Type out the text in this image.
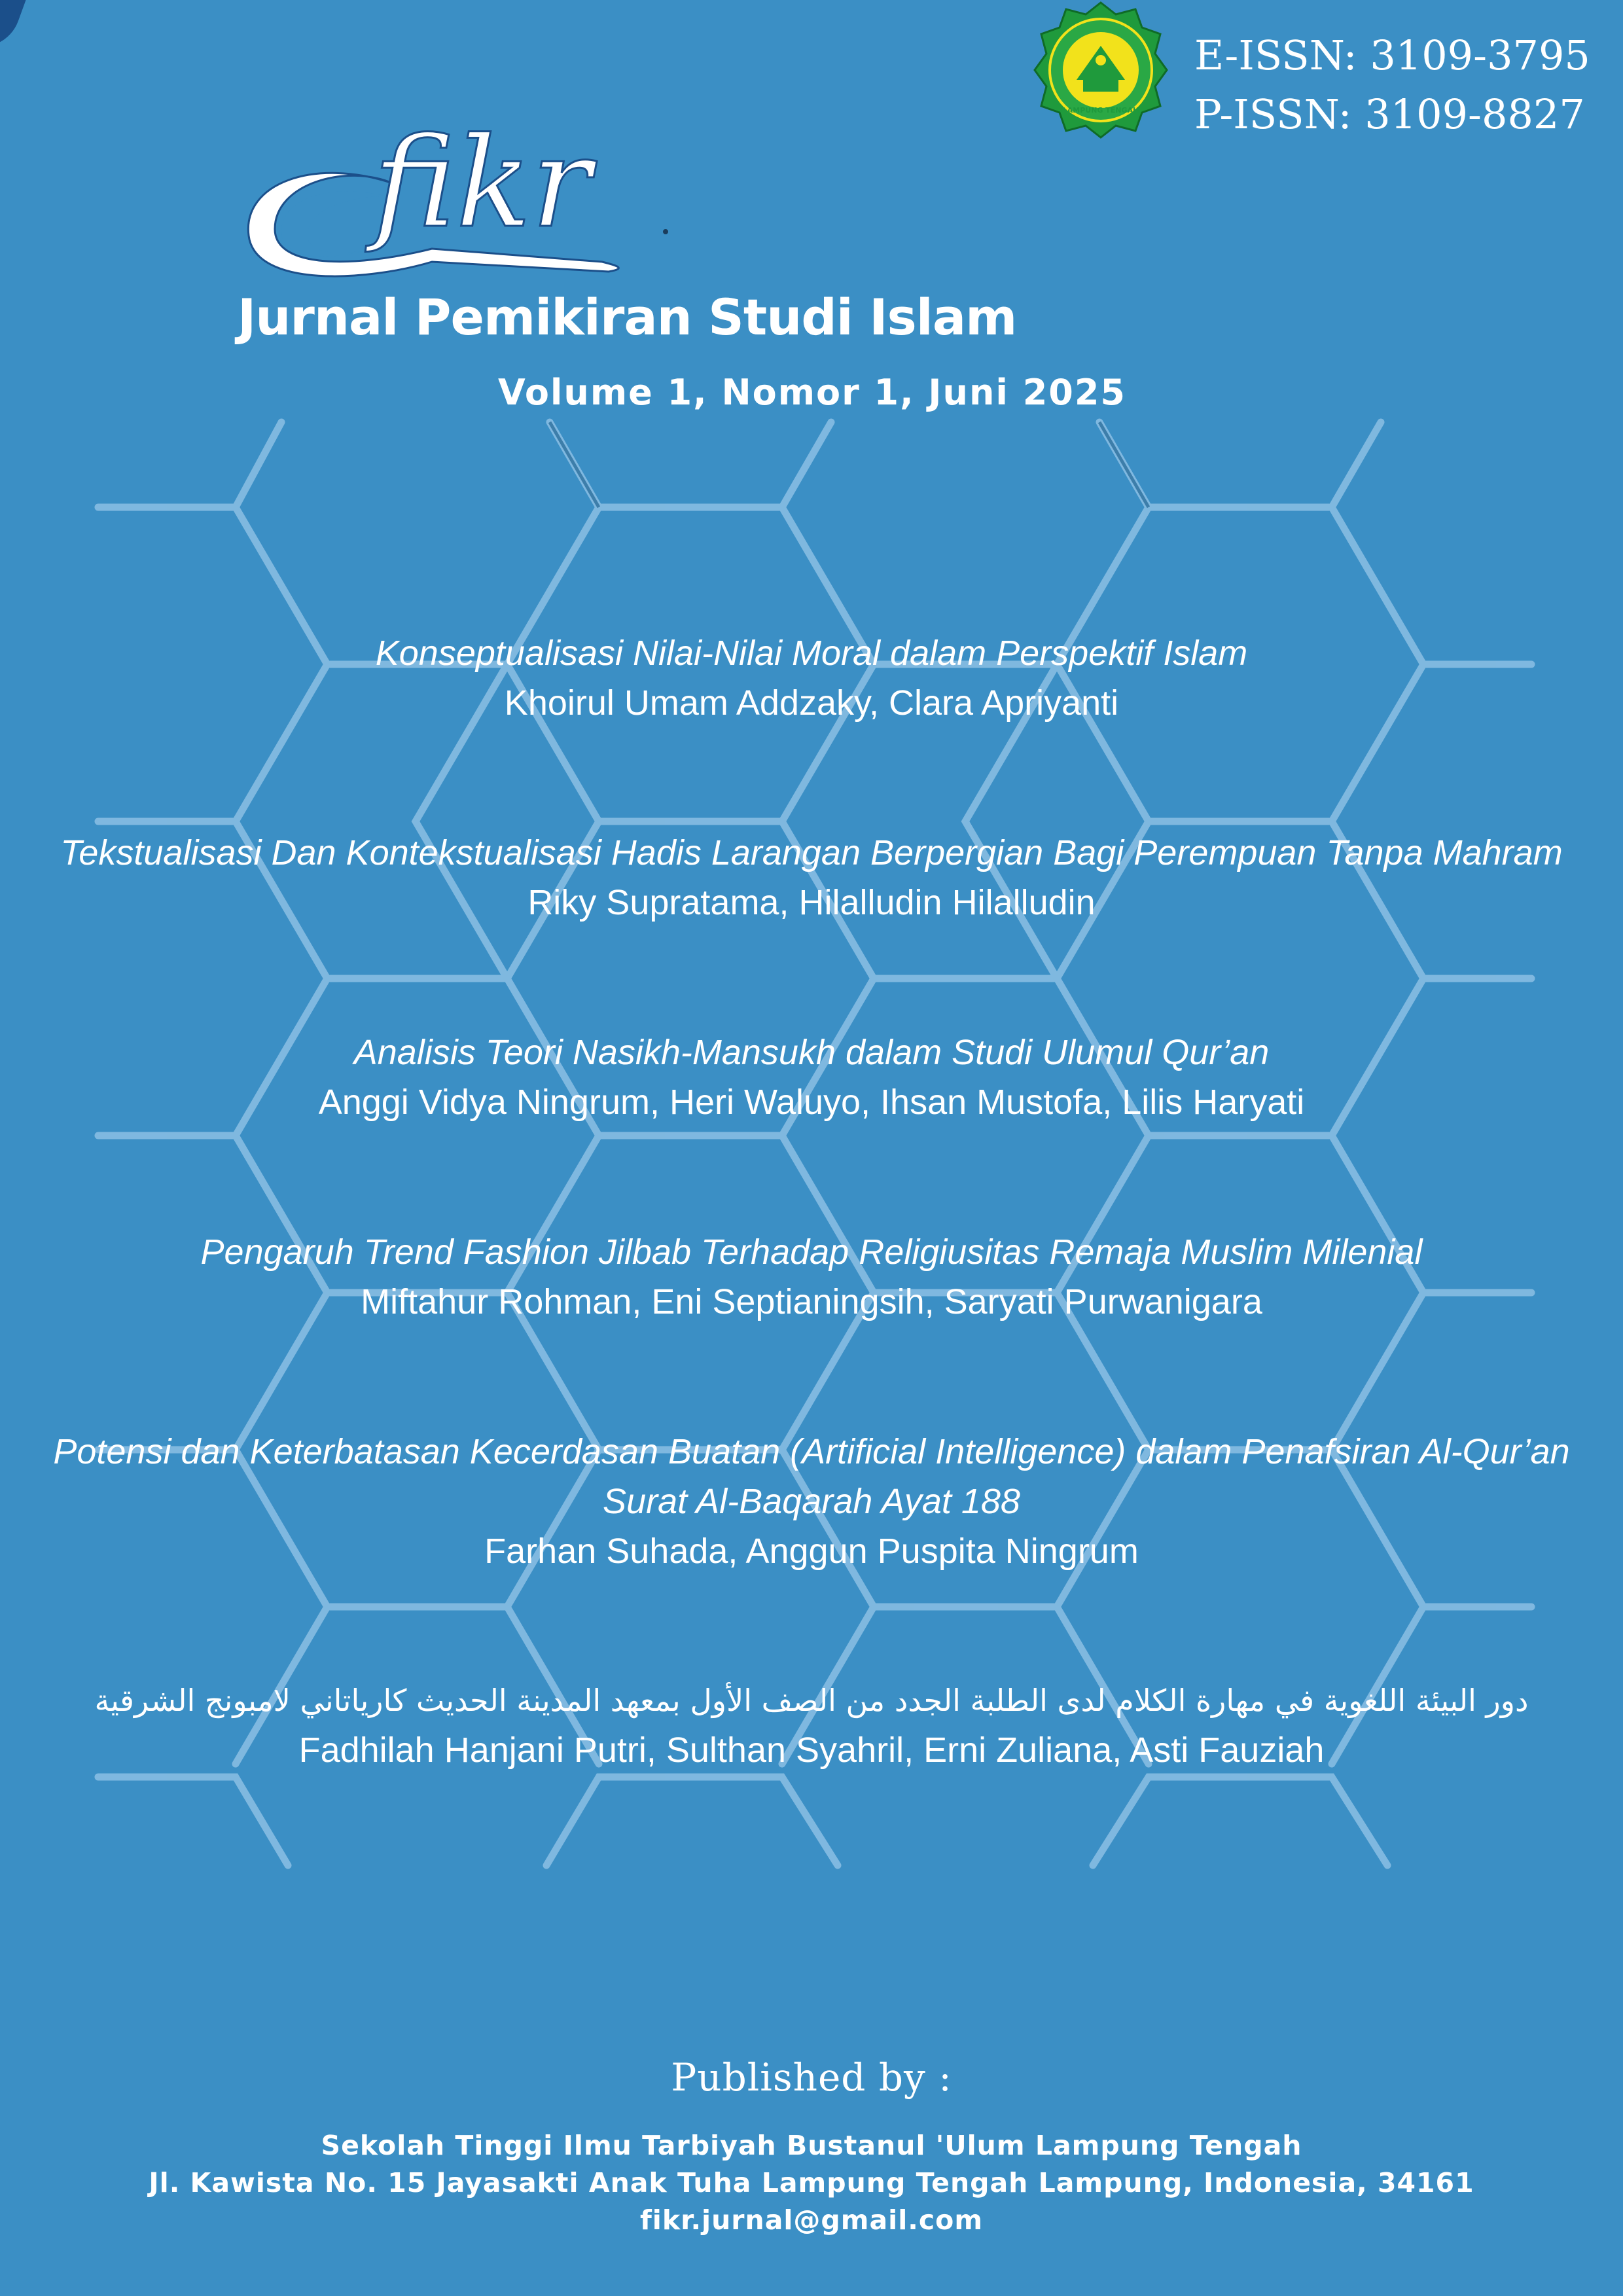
LAMPUNG TENGAH
E-ISSN: 3109-3795
P-ISSN: 3109-8827
fikr
Jurnal Pemikiran Studi Islam
Volume 1, Nomor 1, Juni 2025
Konseptualisasi Nilai-Nilai Moral dalam Perspektif Islam
Khoirul Umam Addzaky, Clara Apriyanti
Tekstualisasi Dan Kontekstualisasi Hadis Larangan Berpergian Bagi Perempuan Tanpa Mahram
Riky Supratama, Hilalludin Hilalludin
Analisis Teori Nasikh-Mansukh dalam Studi Ulumul Qur’an
Anggi Vidya Ningrum, Heri Waluyo, Ihsan Mustofa, Lilis Haryati
Pengaruh Trend Fashion Jilbab Terhadap Religiusitas Remaja Muslim Milenial
Miftahur Rohman, Eni Septianingsih, Saryati Purwanigara
Potensi dan Keterbatasan Kecerdasan Buatan (Artificial Intelligence) dalam Penafsiran Al-Qur’an
Surat Al-Baqarah Ayat 188
Farhan Suhada, Anggun Puspita Ningrum
دور البيئة اللغوية في مهارة الكلام لدى الطلبة الجدد من الصف الأول بمعهد المدينة الحديث كارياتاني لامبونج الشرقية
Fadhilah Hanjani Putri, Sulthan Syahril, Erni Zuliana, Asti Fauziah
Published by :
Sekolah Tinggi Ilmu Tarbiyah Bustanul 'Ulum Lampung Tengah
Jl. Kawista No. 15 Jayasakti Anak Tuha Lampung Tengah Lampung, Indonesia, 34161
fikr.jurnal@gmail.com
